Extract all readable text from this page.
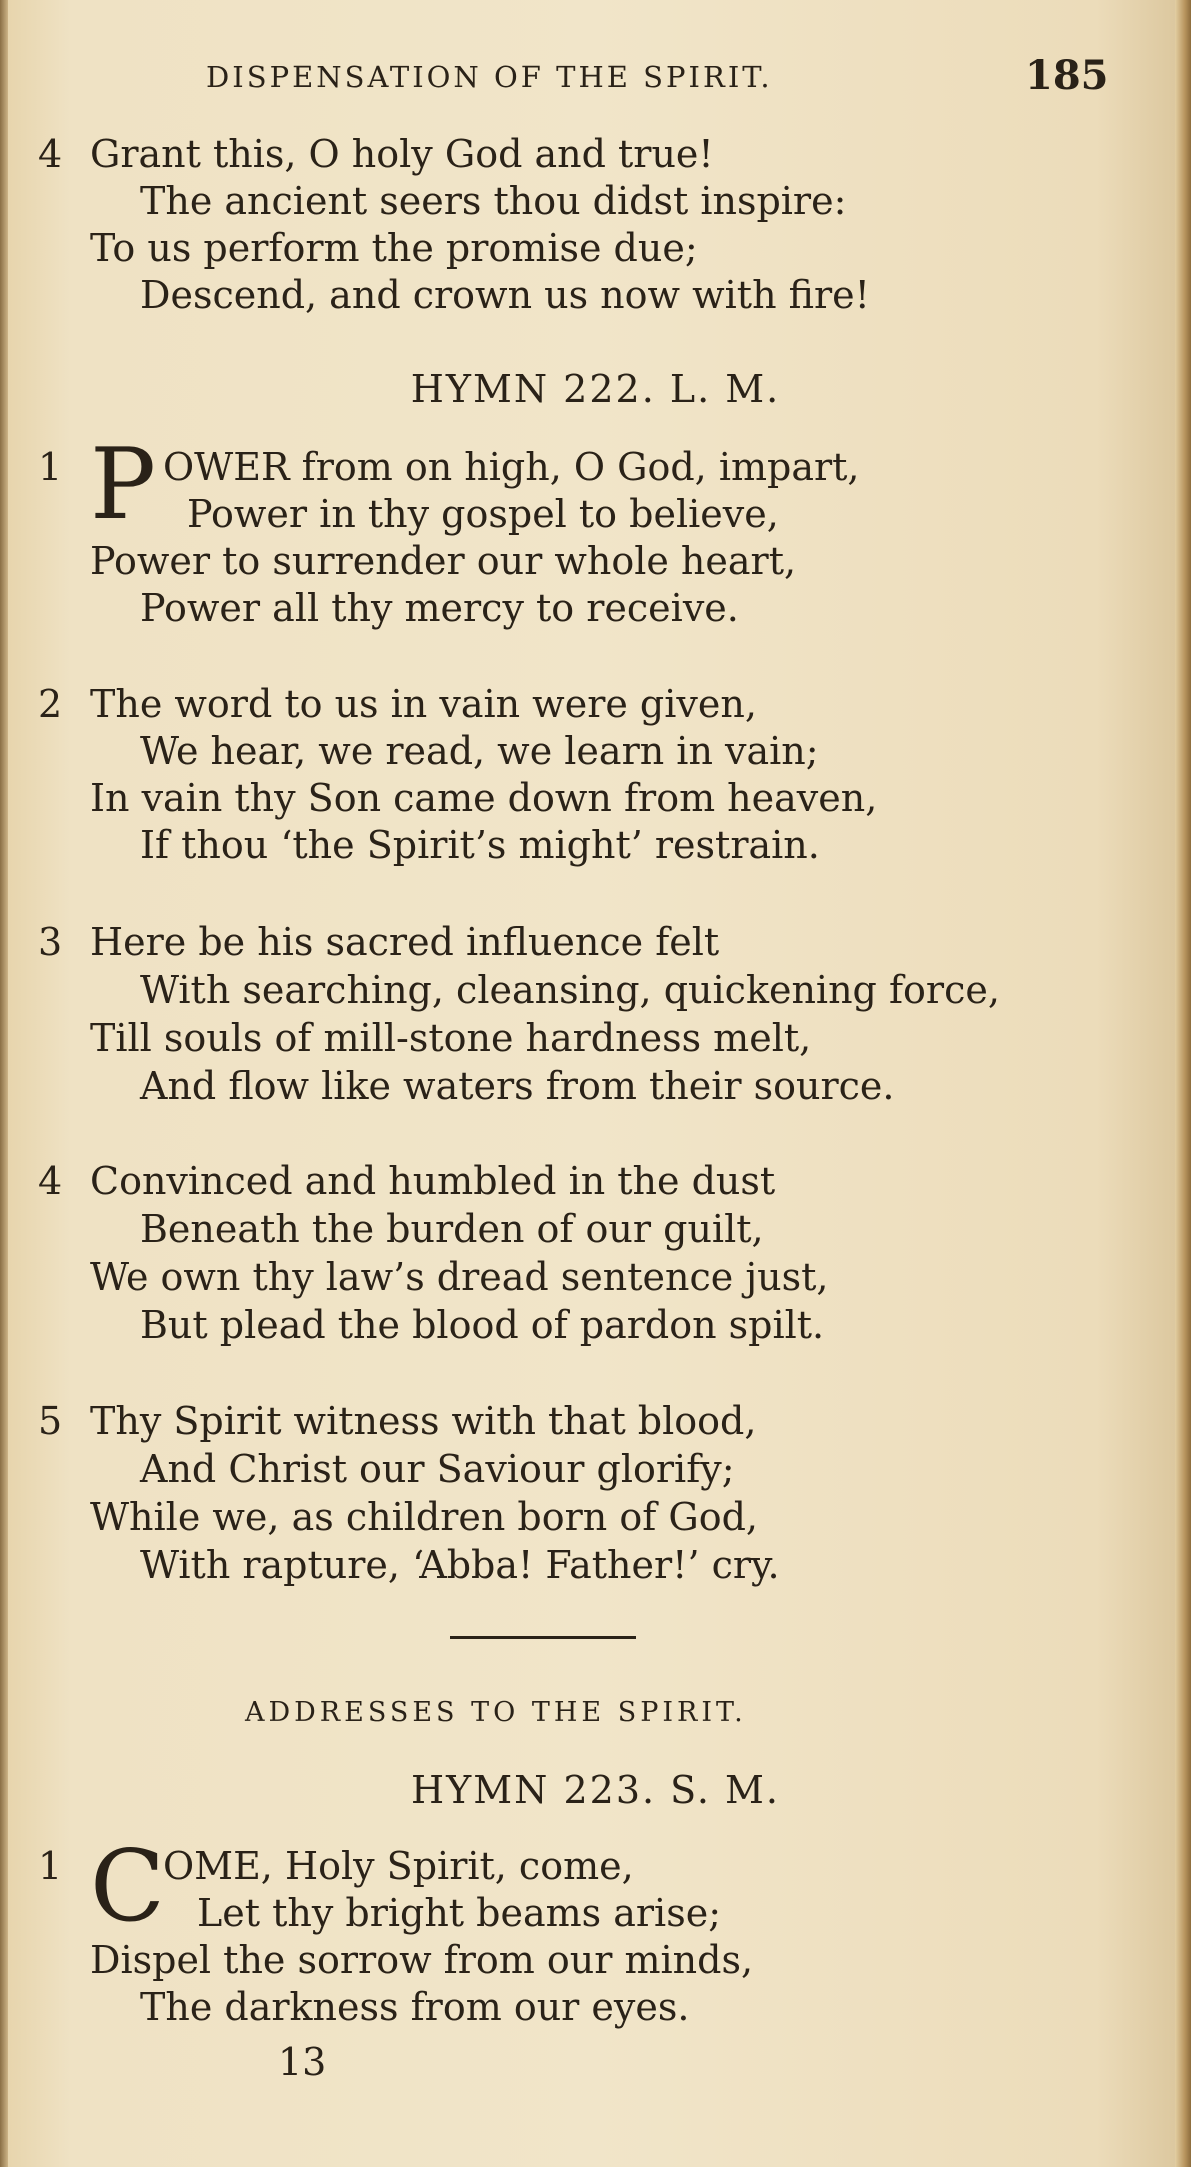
DISPENSATION OF THE SPIRIT.	185
4 Grant this, O holy God and true!
The ancient seers thou didst inspire:
To us perform the promise due;
Descend, and crown us now with fire!
HYMN 222. L. M.
1 P OWER from on high, O God, impart,
Power in thy gospel to believe,
Power to surrender our whole heart,
Power all thy mercy to receive.
2 The word to us in vain were given,
We hear, we read, we learn in vain;
In vain thy Son came down from heaven,
If thou ‘the Spirit’s might’ restrain.
3 Here be his sacred influence felt
With searching, cleansing, quickening force,
Till souls of mill-stone hardness melt,
And flow like waters from their source.
4 Convinced and humbled in the dust
Beneath the burden of our guilt,
We own thy law’s dread sentence just,
But plead the blood of pardon spilt.
5 Thy Spirit witness with that blood,
And Christ our Saviour glorify;
While we, as children born of God,
With rapture, ‘Abba! Father!’ cry.
ADDRESSES TO THE SPIRIT.
HYMN 223. S. M.
1 C
OME, Holy Spirit, come,
Let thy bright beams arise;
Dispel the sorrow from our minds,
The darkness from our eyes.
13
